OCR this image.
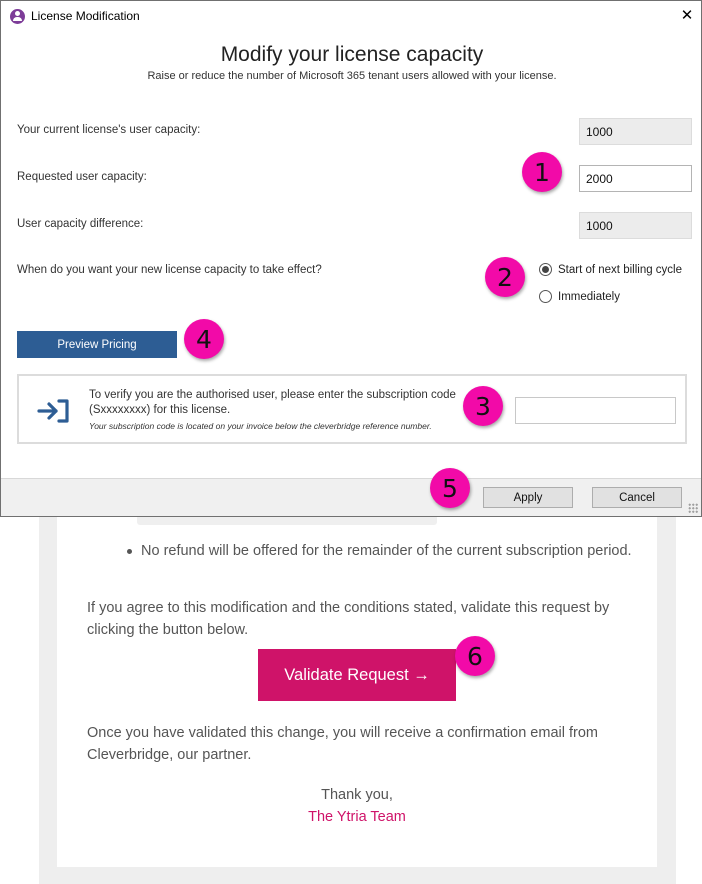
No refund will be offered for the remainder of the current subscription period.
If you agree to this modification and the conditions stated, validate this request by clicking the button below.
Validate Request →
Once you have validated this change, you will receive a confirmation email from Cleverbridge, our partner.
Thank you,
The Ytria Team
License Modification	✕
Modify your license capacity
Raise or reduce the number of Microsoft 365 tenant users allowed with your license.
Your current license's user capacity:	1000
Requested user capacity:	2000
User capacity difference:	1000
When do you want your new license capacity to take effect?	Start of next billing cycle
Immediately
Preview Pricing
To verify you are the authorised user, please enter the subscription code
(Sxxxxxxxx) for this license.
Your subscription code is located on your invoice below the cleverbridge reference number.
Apply	Cancel
1
2
3
4
5
6
